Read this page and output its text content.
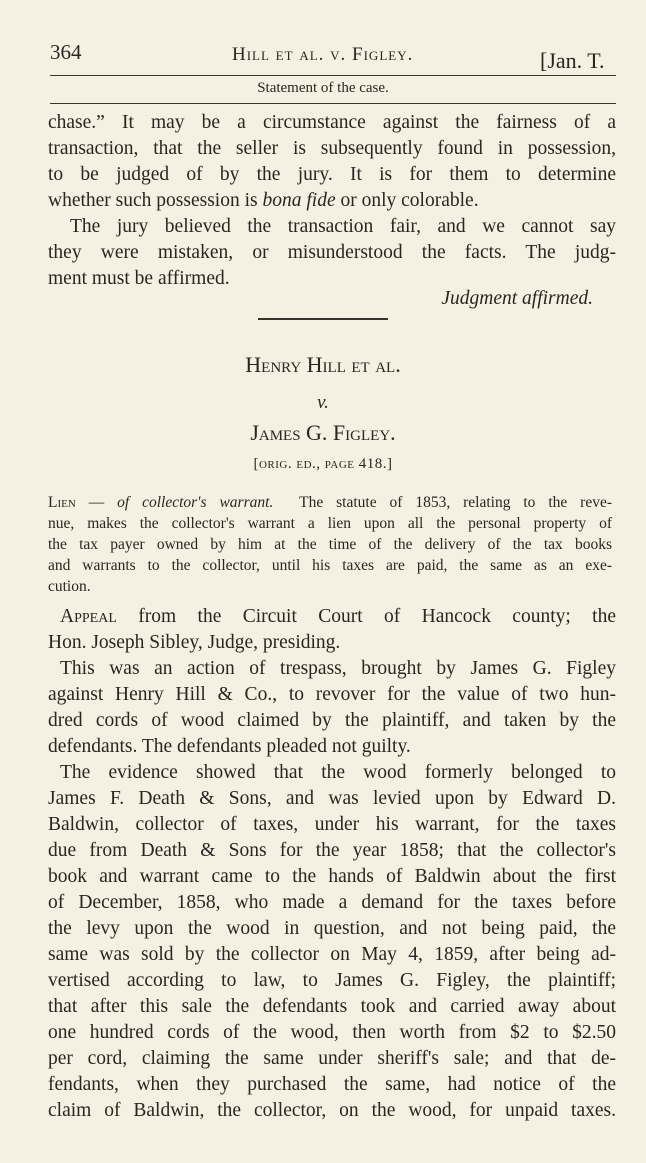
364	Hill et al. v. Figley.	[Jan. T.
Statement of the case.
chase.” It may be a circumstance against the fairness of a
transaction, that the seller is subsequently found in possession,
to be judged of by the jury. It is for them to determine
whether such possession is bona fide or only colorable.
The jury believed the transaction fair, and we cannot say
they were mistaken, or misunderstood the facts. The judg-
ment must be affirmed.
Judgment affirmed.
Henry Hill et al.
v.
James G. Figley.
[orig. ed., page 418.]
Lien — of collector's warrant. The statute of 1853, relating to the reve-
nue, makes the collector's warrant a lien upon all the personal property of
the tax payer owned by him at the time of the delivery of the tax books
and warrants to the collector, until his taxes are paid, the same as an exe-
cution.
Appeal from the Circuit Court of Hancock county; the
Hon. Joseph Sibley, Judge, presiding.
This was an action of trespass, brought by James G. Figley
against Henry Hill & Co., to revover for the value of two hun-
dred cords of wood claimed by the plaintiff, and taken by the
defendants. The defendants pleaded not guilty.
The evidence showed that the wood formerly belonged to
James F. Death & Sons, and was levied upon by Edward D.
Baldwin, collector of taxes, under his warrant, for the taxes
due from Death & Sons for the year 1858; that the collector's
book and warrant came to the hands of Baldwin about the first
of December, 1858, who made a demand for the taxes before
the levy upon the wood in question, and not being paid, the
same was sold by the collector on May 4, 1859, after being ad-
vertised according to law, to James G. Figley, the plaintiff;
that after this sale the defendants took and carried away about
one hundred cords of the wood, then worth from $2 to $2.50
per cord, claiming the same under sheriff's sale; and that de-
fendants, when they purchased the same, had notice of the
claim of Baldwin, the collector, on the wood, for unpaid taxes.
